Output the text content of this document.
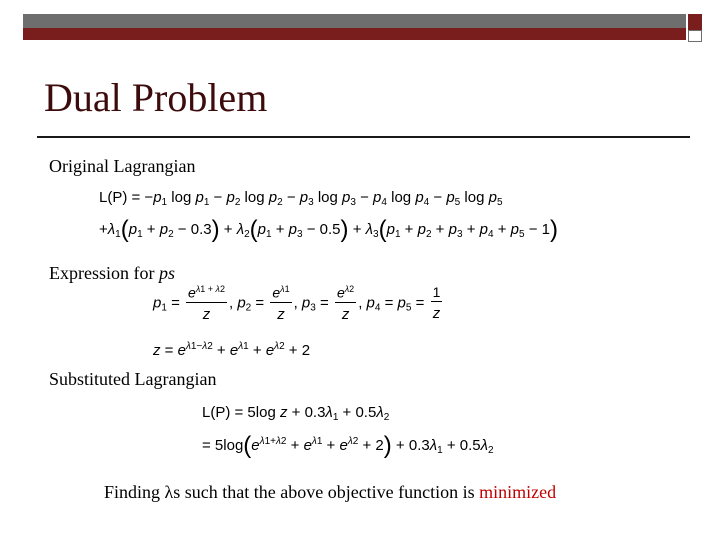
Dual Problem
Original Lagrangian
$L(P) = -p_1$ $\log p_1 - p_2$ $\log p_2 - p_3$ $\log p_3 - p_4$ $\log p_4 - p_5$ $\log p_5$
$+\lambda_1(p_1 + p_2 - 0.3) + \lambda_2(p_1 + p_3 - 0.5) + \lambda_3(p_1 + p_2 + p_3 + p_4 + p_5 - 1)$
Expression for ps
$p_1 = \frac{e^{\lambda 1 + \lambda 2}}{z}$ , $p_2 = \frac{e^{\lambda 1}}{z}$ , $p_3 = \frac{e^{\lambda 2}}{z}$ , $p_4 = p_5 = \frac{1}{z}$
$z = e^{\lambda 1-\lambda 2} + e^{\lambda 1} + e^{\lambda 2} + 2$
Substituted Lagrangian
L(P) = 5log $z + 0.3\lambda_1 + 0.5\lambda_2$
= $5\log(e^{\lambda 1+\lambda 2} + e^{\lambda 1} + e^{\lambda 2} + 2) + 0.3\lambda_1 + 0.5\lambda_2$
Finding λs such that the above objective function is minimized
